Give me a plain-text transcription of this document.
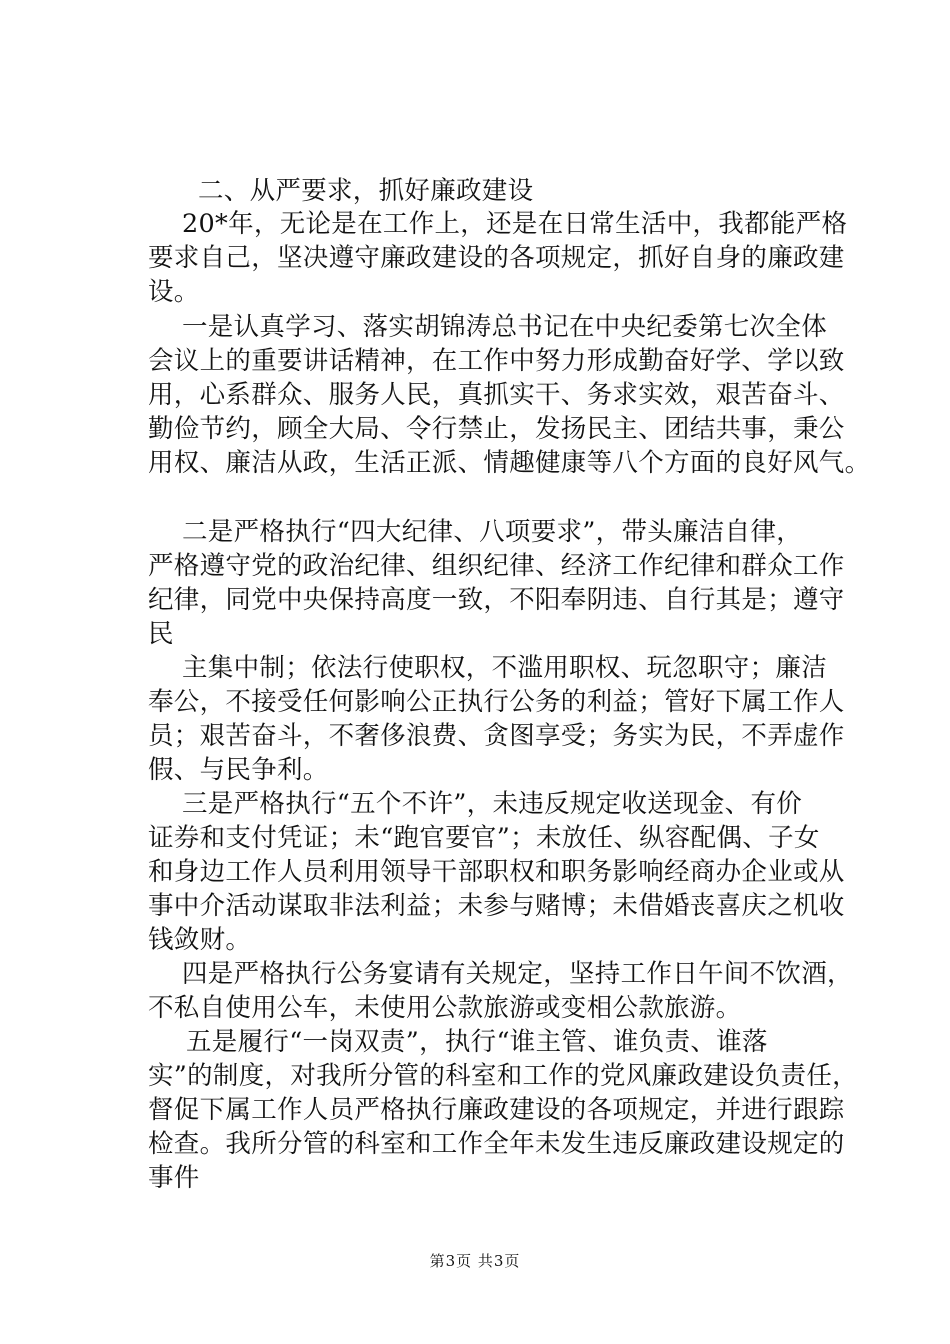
二、从严要求，抓好廉政建设
20*年，无论是在工作上，还是在日常生活中，我都能严格
要求自己，坚决遵守廉政建设的各项规定，抓好自身的廉政建
设。
一是认真学习、落实胡锦涛总书记在中央纪委第七次全体
会议上的重要讲话精神，在工作中努力形成勤奋好学、学以致
用，心系群众、服务人民，真抓实干、务求实效，艰苦奋斗、
勤俭节约，顾全大局、令行禁止，发扬民主、团结共事，秉公
用权、廉洁从政，生活正派、情趣健康等八个方面的良好风气。
二是严格执行“四大纪律、八项要求”，带头廉洁自律，
严格遵守党的政治纪律、组织纪律、经济工作纪律和群众工作
纪律，同党中央保持高度一致，不阳奉阴违、自行其是；遵守
民
主集中制；依法行使职权，不滥用职权、玩忽职守；廉洁
奉公，不接受任何影响公正执行公务的利益；管好下属工作人
员；艰苦奋斗，不奢侈浪费、贪图享受；务实为民，不弄虚作
假、与民争利。
三是严格执行“五个不许”，未违反规定收送现金、有价
证券和支付凭证；未“跑官要官”；未放任、纵容配偶、子女
和身边工作人员利用领导干部职权和职务影响经商办企业或从
事中介活动谋取非法利益；未参与赌博；未借婚丧喜庆之机收
钱敛财。
四是严格执行公务宴请有关规定，坚持工作日午间不饮酒，
不私自使用公车，未使用公款旅游或变相公款旅游。
五是履行“一岗双责”，执行“谁主管、谁负责、谁落
实”的制度，对我所分管的科室和工作的党风廉政建设负责任，
督促下属工作人员严格执行廉政建设的各项规定，并进行跟踪
检查。我所分管的科室和工作全年未发生违反廉政建设规定的
事件
第3页 共3页
